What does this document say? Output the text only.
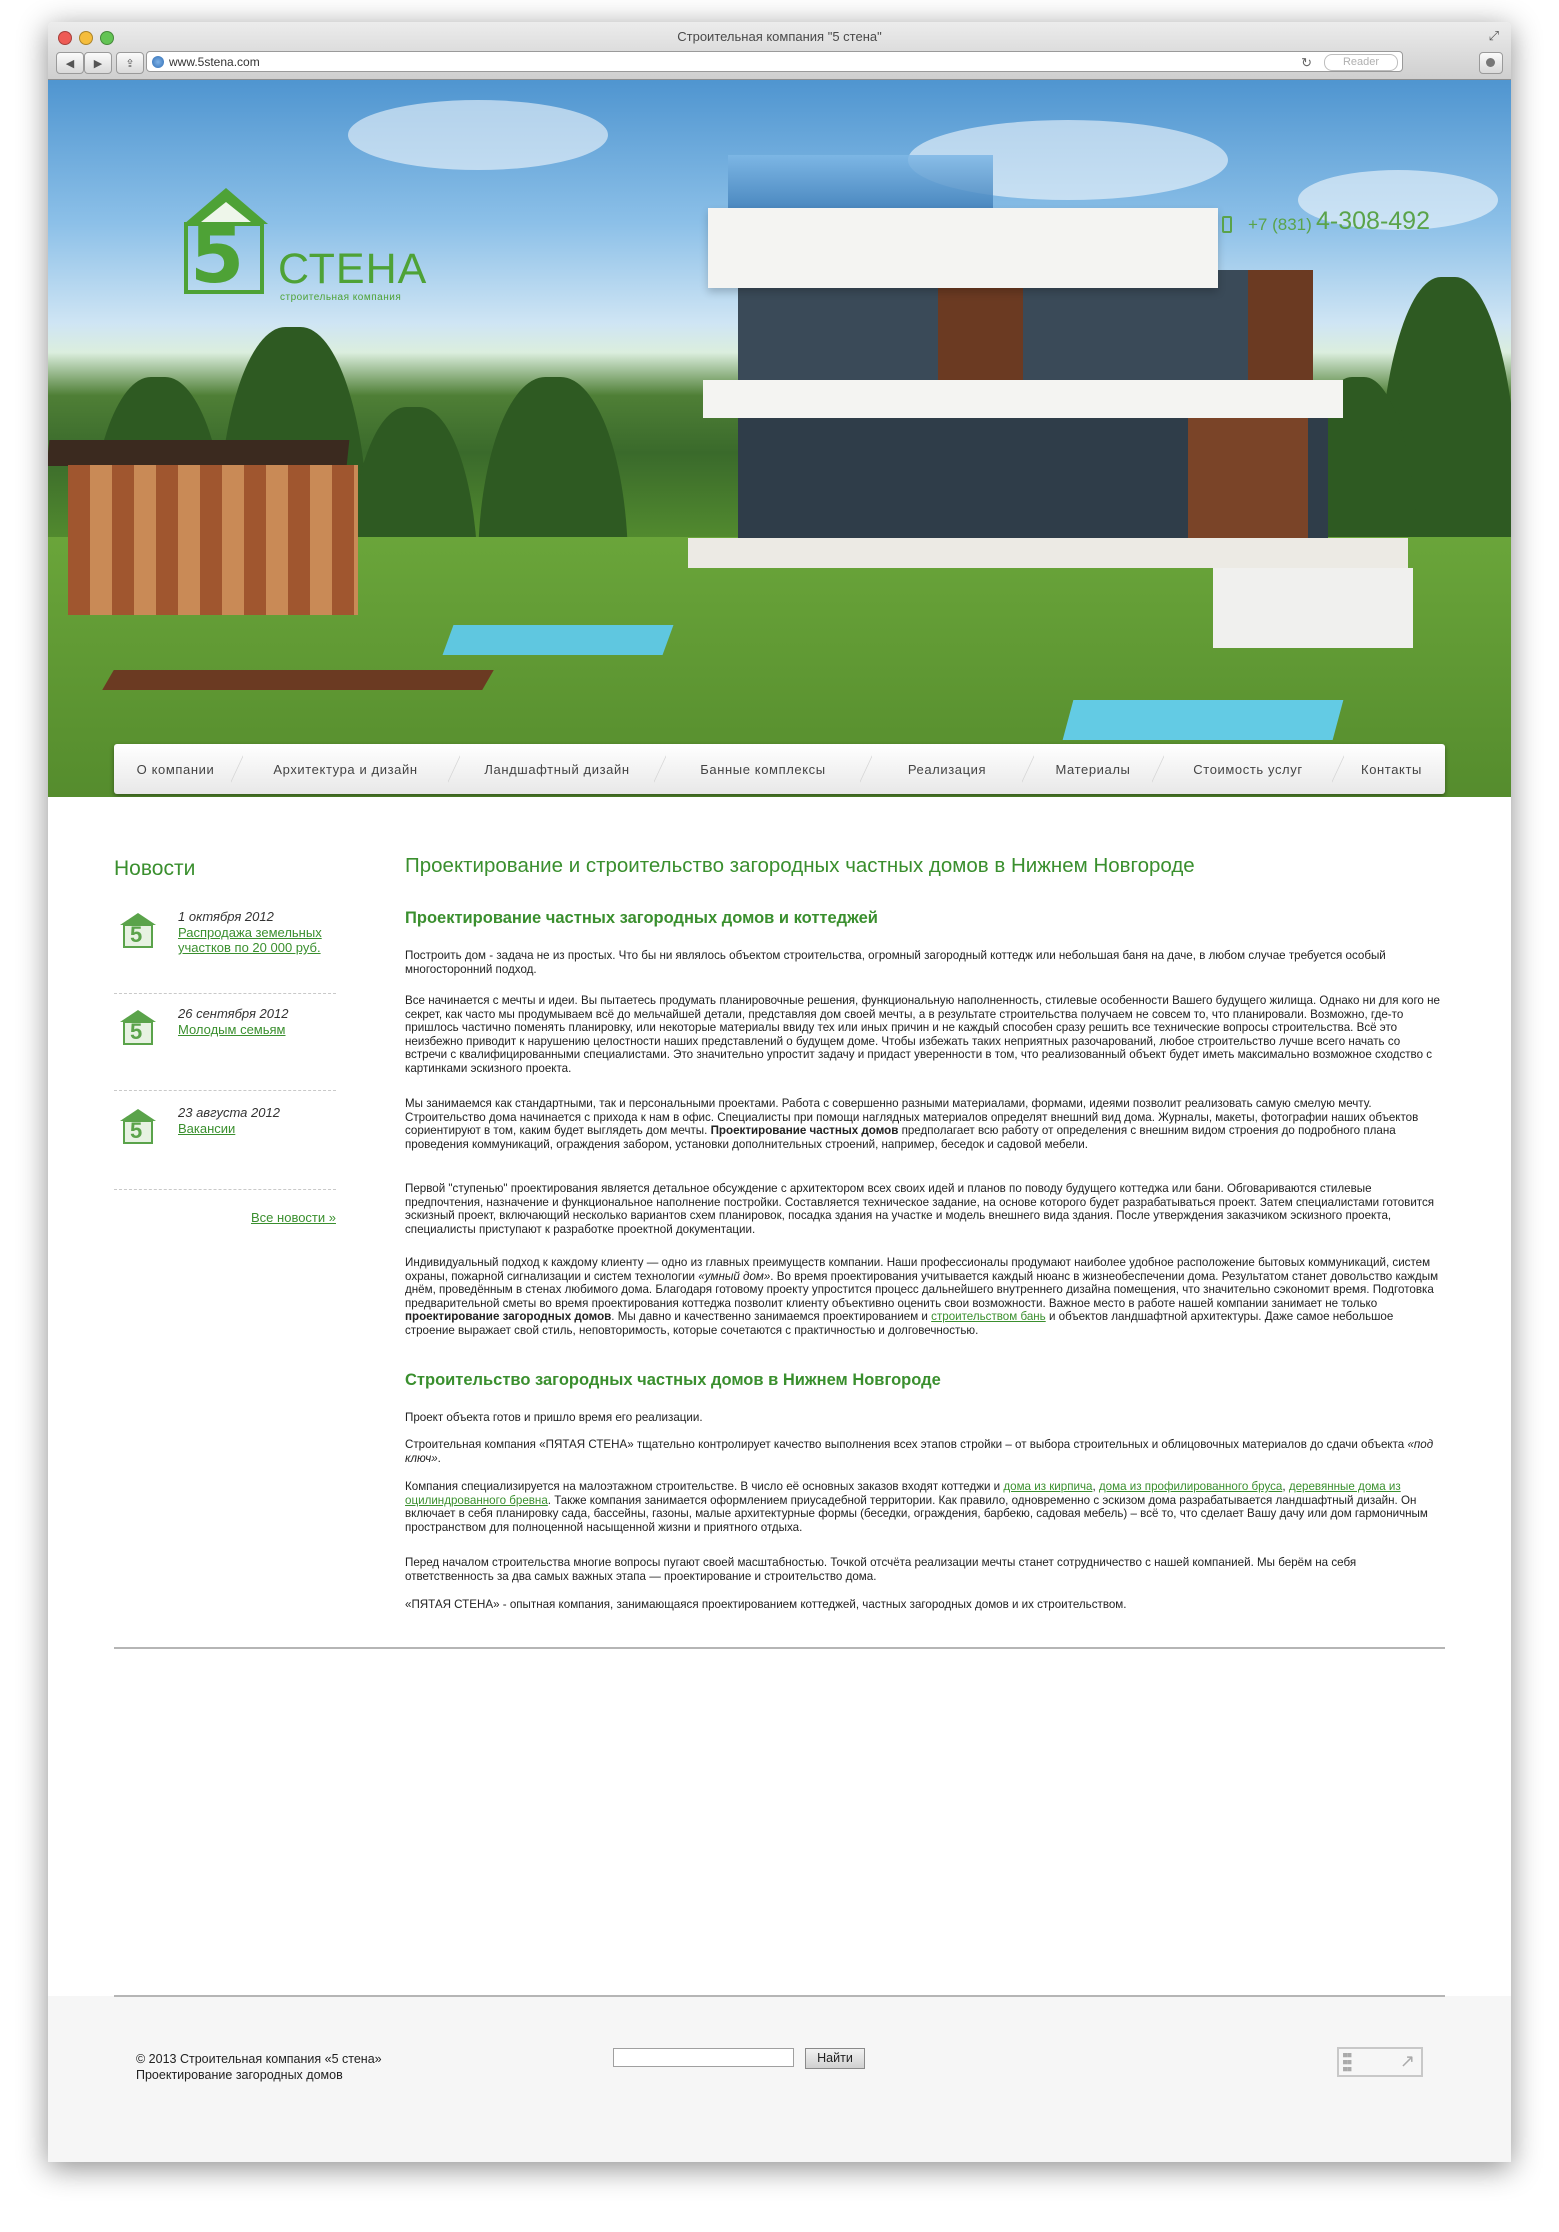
Строительная компания "5 стена"	⤢
◀	▶	⇪	www.5stena.com	↻	Reader
5 СТЕНА
строительная компания
+7 (831) 4-308-492
О компании	Архитектура и дизайн	Ландшафтный дизайн	Банные комплексы	Реализация	Материалы	Стоимость услуг	Контакты
Новости
5
1 октября 2012
Распродажа земельных участков по 20 000 руб.
5
26 сентября 2012
Молодым семьям
5
23 августа 2012
Вакансии
Все новости »
Проектирование и строительство загородных частных домов в Нижнем Новгороде
Проектирование частных загородных домов и коттеджей

Построить дом - задача не из простых. Что бы ни являлось объектом строительства, огромный загородный коттедж или небольшая баня на даче, в любом случае требуется особый многосторонний подход.

Все начинается с мечты и идеи. Вы пытаетесь продумать планировочные решения, функциональную наполненность, стилевые особенности Вашего будущего жилища. Однако ни для кого не секрет, как часто мы продумываем всё до мельчайшей детали, представляя дом своей мечты, а в результате строительства получаем не совсем то, что планировали. Возможно, где-то пришлось частично поменять планировку, или некоторые материалы ввиду тех или иных причин и не каждый способен сразу решить все технические вопросы строительства. Всё это неизбежно приводит к нарушению целостности наших представлений о будущем доме. Чтобы избежать таких неприятных разочарований, любое строительство лучше всего начать со встречи с квалифицированными специалистами. Это значительно упростит задачу и придаст уверенности в том, что реализованный объект будет иметь максимально возможное сходство с картинками эскизного проекта.

Мы занимаемся как стандартными, так и персональными проектами. Работа с совершенно разными материалами, формами, идеями позволит реализовать самую смелую мечту. Строительство дома начинается с прихода к нам в офис. Специалисты при помощи наглядных материалов определят внешний вид дома. Журналы, макеты, фотографии наших объектов сориентируют в том, каким будет выглядеть дом мечты. Проектирование частных домов предполагает всю работу от определения с внешним видом строения до подробного плана проведения коммуникаций, ограждения забором, установки дополнительных строений, например, беседок и садовой мебели.

Первой "ступенью" проектирования является детальное обсуждение с архитектором всех своих идей и планов по поводу будущего коттеджа или бани. Обговариваются стилевые предпочтения, назначение и функциональное наполнение постройки. Составляется техническое задание, на основе которого будет разрабатываться проект. Затем специалистами готовится эскизный проект, включающий несколько вариантов схем планировок, посадка здания на участке и модель внешнего вида здания. После утверждения заказчиком эскизного проекта, специалисты приступают к разработке проектной документации.

Индивидуальный подход к каждому клиенту — одно из главных преимуществ компании. Наши профессионалы продумают наиболее удобное расположение бытовых коммуникаций, систем охраны, пожарной сигнализации и систем технологии «умный дом». Во время проектирования учитывается каждый нюанс в жизнеобеспечении дома. Результатом станет довольство каждым днём, проведённым в стенах любимого дома. Благодаря готовому проекту упростится процесс дальнейшего внутреннего дизайна помещения, что значительно сэкономит время. Подготовка предварительной сметы во время проектирования коттеджа позволит клиенту объективно оценить свои возможности. Важное место в работе нашей компании занимает не только проектирование загородных домов. Мы давно и качественно занимаемся проектированием и строительством бань и объектов ландшафтной архитектуры. Даже самое небольшое строение выражает свой стиль, неповторимость, которые сочетаются с практичностью и долговечностью.

Строительство загородных частных домов в Нижнем Новгороде

Проект объекта готов и пришло время его реализации.

Строительная компания «ПЯТАЯ СТЕНА» тщательно контролирует качество выполнения всех этапов стройки – от выбора строительных и облицовочных материалов до сдачи объекта «под ключ».

Компания специализируется на малоэтажном строительстве. В число её основных заказов входят коттеджи и дома из кирпича, дома из профилированного бруса, деревянные дома из оцилиндрованного бревна. Также компания занимается оформлением приусадебной территории. Как правило, одновременно с эскизом дома разрабатывается ландшафтный дизайн. Он включает в себя планировку сада, бассейны, газоны, малые архитектурные формы (беседки, ограждения, барбекю, садовая мебель) – всё то, что сделает Вашу дачу или дом гармоничным пространством для полноценной насыщенной жизни и приятного отдыха.

Перед началом строительства многие вопросы пугают своей масштабностью. Точкой отсчёта реализации мечты станет сотрудничество с нашей компанией. Мы берём на себя ответственность за два самых важных этапа — проектирование и строительство дома.

«ПЯТАЯ СТЕНА» - опытная компания, занимающаяся проектированием коттеджей, частных загородных домов и их строительством.

© 2013 Строительная компания «5 стена»
Проектирование загородных домов
Найти	■■
■■
■■	↗
